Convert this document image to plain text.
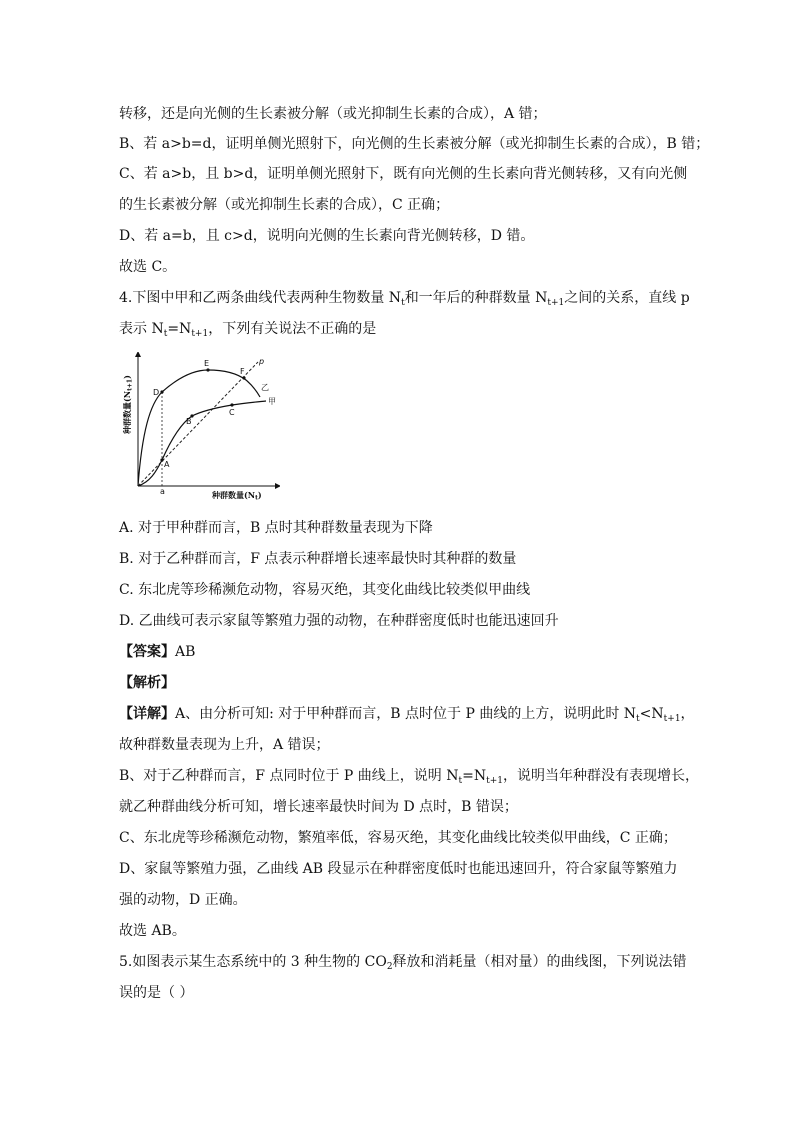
转移，还是向光侧的生长素被分解（或光抑制生长素的合成），A 错；
B、若 a>b=d，证明单侧光照射下，向光侧的生长素被分解（或光抑制生长素的合成），B 错；
C、若 a>b，且 b>d，证明单侧光照射下，既有向光侧的生长素向背光侧转移，又有向光侧
的生长素被分解（或光抑制生长素的合成），C 正确；
D、若 a=b，且 c>d，说明向光侧的生长素向背光侧转移，D 错。
故选 C。
4.下图中甲和乙两条曲线代表两种生物数量 $N_t$和一年后的种群数量 $N_{t+1}$之间的关系，直线 p
表示 $N_t=N_{t+1}$，下列有关说法不正确的是
A
B
C
D
E
F
p
乙
甲
a	种群数量(Nt)
种群数量(Nt+1)
A. 对于甲种群而言，B 点时其种群数量表现为下降
B. 对于乙种群而言，F 点表示种群增长速率最快时其种群的数量
C. 东北虎等珍稀濒危动物，容易灭绝，其变化曲线比较类似甲曲线
D. 乙曲线可表示家鼠等繁殖力强的动物，在种群密度低时也能迅速回升
【答案】AB
【解析】
【详解】A、由分析可知: 对于甲种群而言，B 点时位于 P 曲线的上方，说明此时 $N_t<N_{t+1}$，
故种群数量表现为上升，A 错误；
B、对于乙种群而言，F 点同时位于 P 曲线上，说明 $N_t=N_{t+1}$，说明当年种群没有表现增长，
就乙种群曲线分析可知，增长速率最快时间为 D 点时，B 错误；
C、东北虎等珍稀濒危动物，繁殖率低，容易灭绝，其变化曲线比较类似甲曲线，C 正确；
D、家鼠等繁殖力强，乙曲线 AB 段显示在种群密度低时也能迅速回升，符合家鼠等繁殖力
强的动物，D 正确。
故选 AB。
5.如图表示某生态系统中的 3 种生物的 $CO_2$释放和消耗量（相对量）的曲线图，下列说法错
误的是（ ）
